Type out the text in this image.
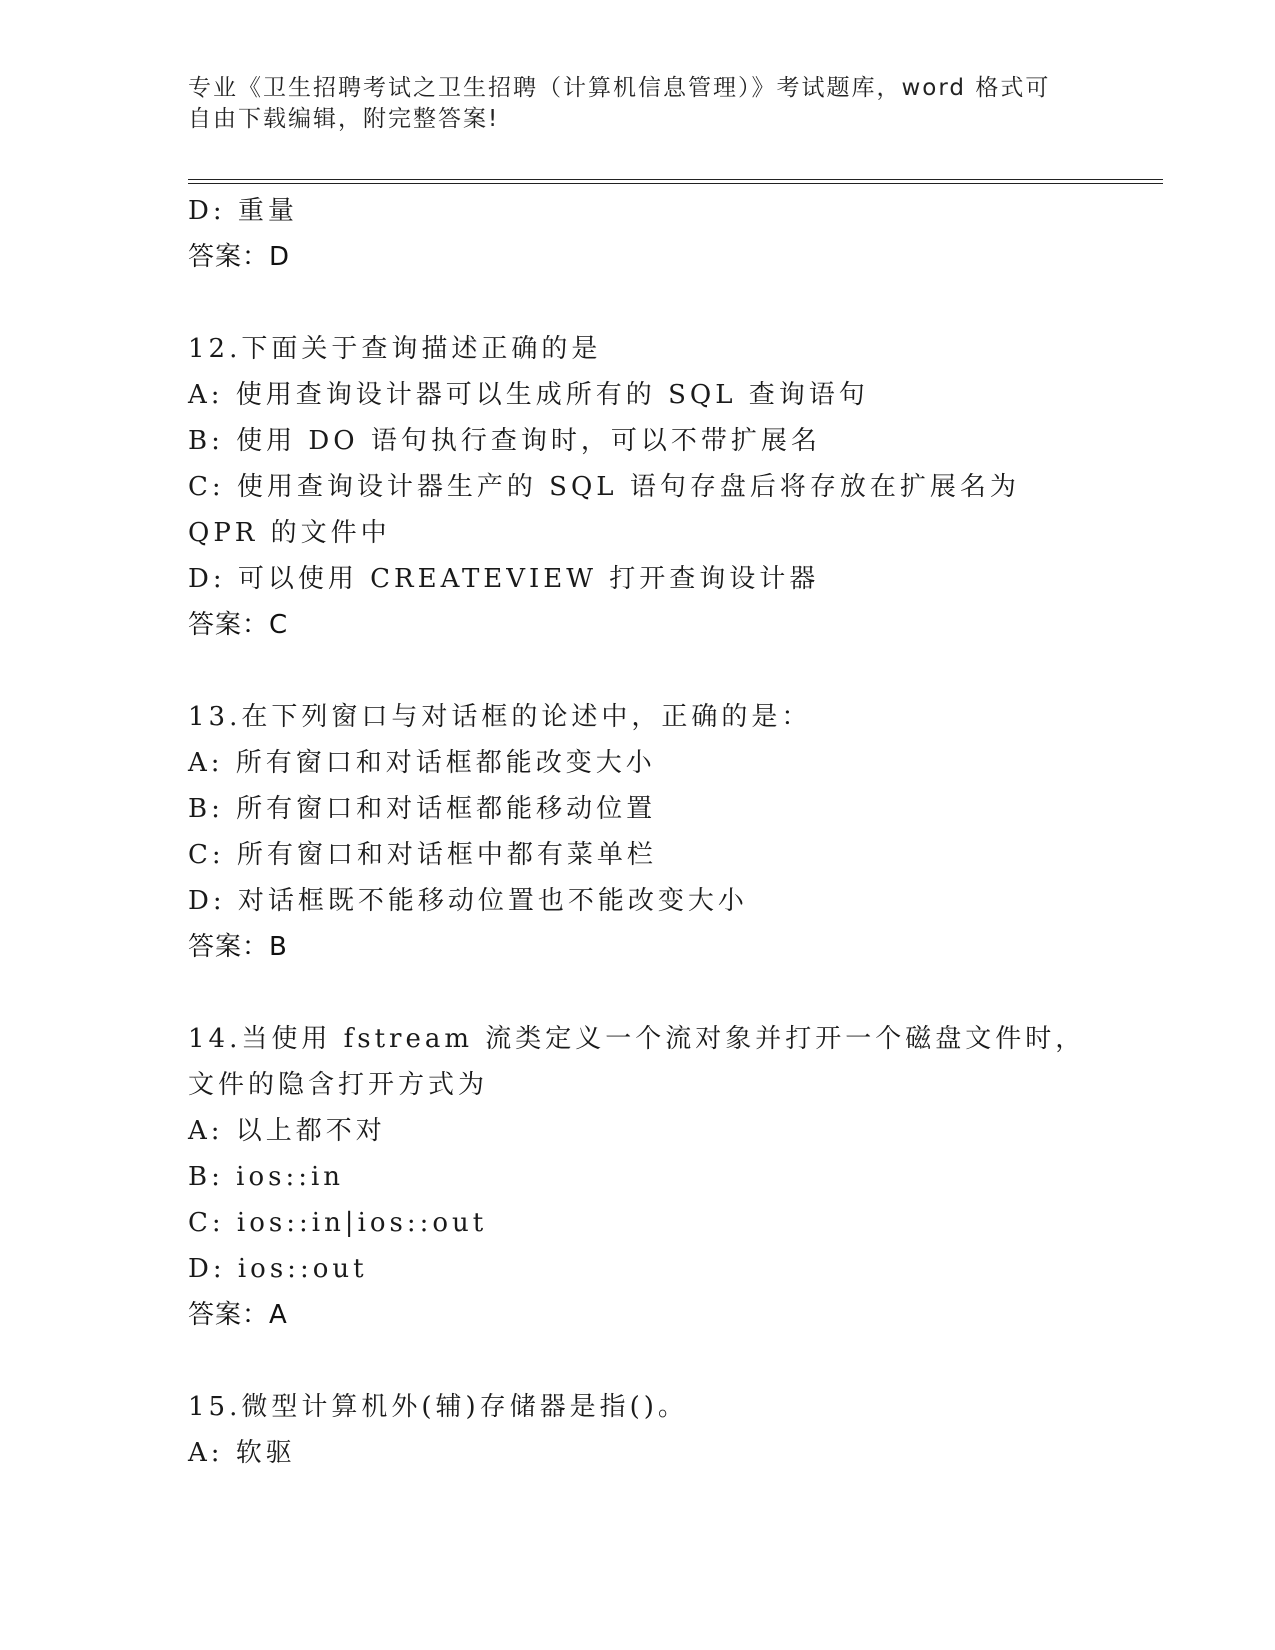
专业《卫生招聘考试之卫生招聘（计算机信息管理）》考试题库，word 格式可自由下载编辑，附完整答案!
D: 重量
答案：D
12.下面关于查询描述正确的是
A: 使用查询设计器可以生成所有的 SQL 查询语句
B: 使用 DO 语句执行查询时，可以不带扩展名
C: 使用查询设计器生产的 SQL 语句存盘后将存放在扩展名为 QPR 的文件中
D: 可以使用 CREATEVIEW 打开查询设计器
答案：C
13.在下列窗口与对话框的论述中，正确的是：
A: 所有窗口和对话框都能改变大小
B: 所有窗口和对话框都能移动位置
C: 所有窗口和对话框中都有菜单栏
D: 对话框既不能移动位置也不能改变大小
答案：B
14.当使用 fstream 流类定义一个流对象并打开一个磁盘文件时，文件的隐含打开方式为
A: 以上都不对
B: ios::in
C: ios::in|ios::out
D: ios::out
答案：A
15.微型计算机外(辅)存储器是指()。
A: 软驱
